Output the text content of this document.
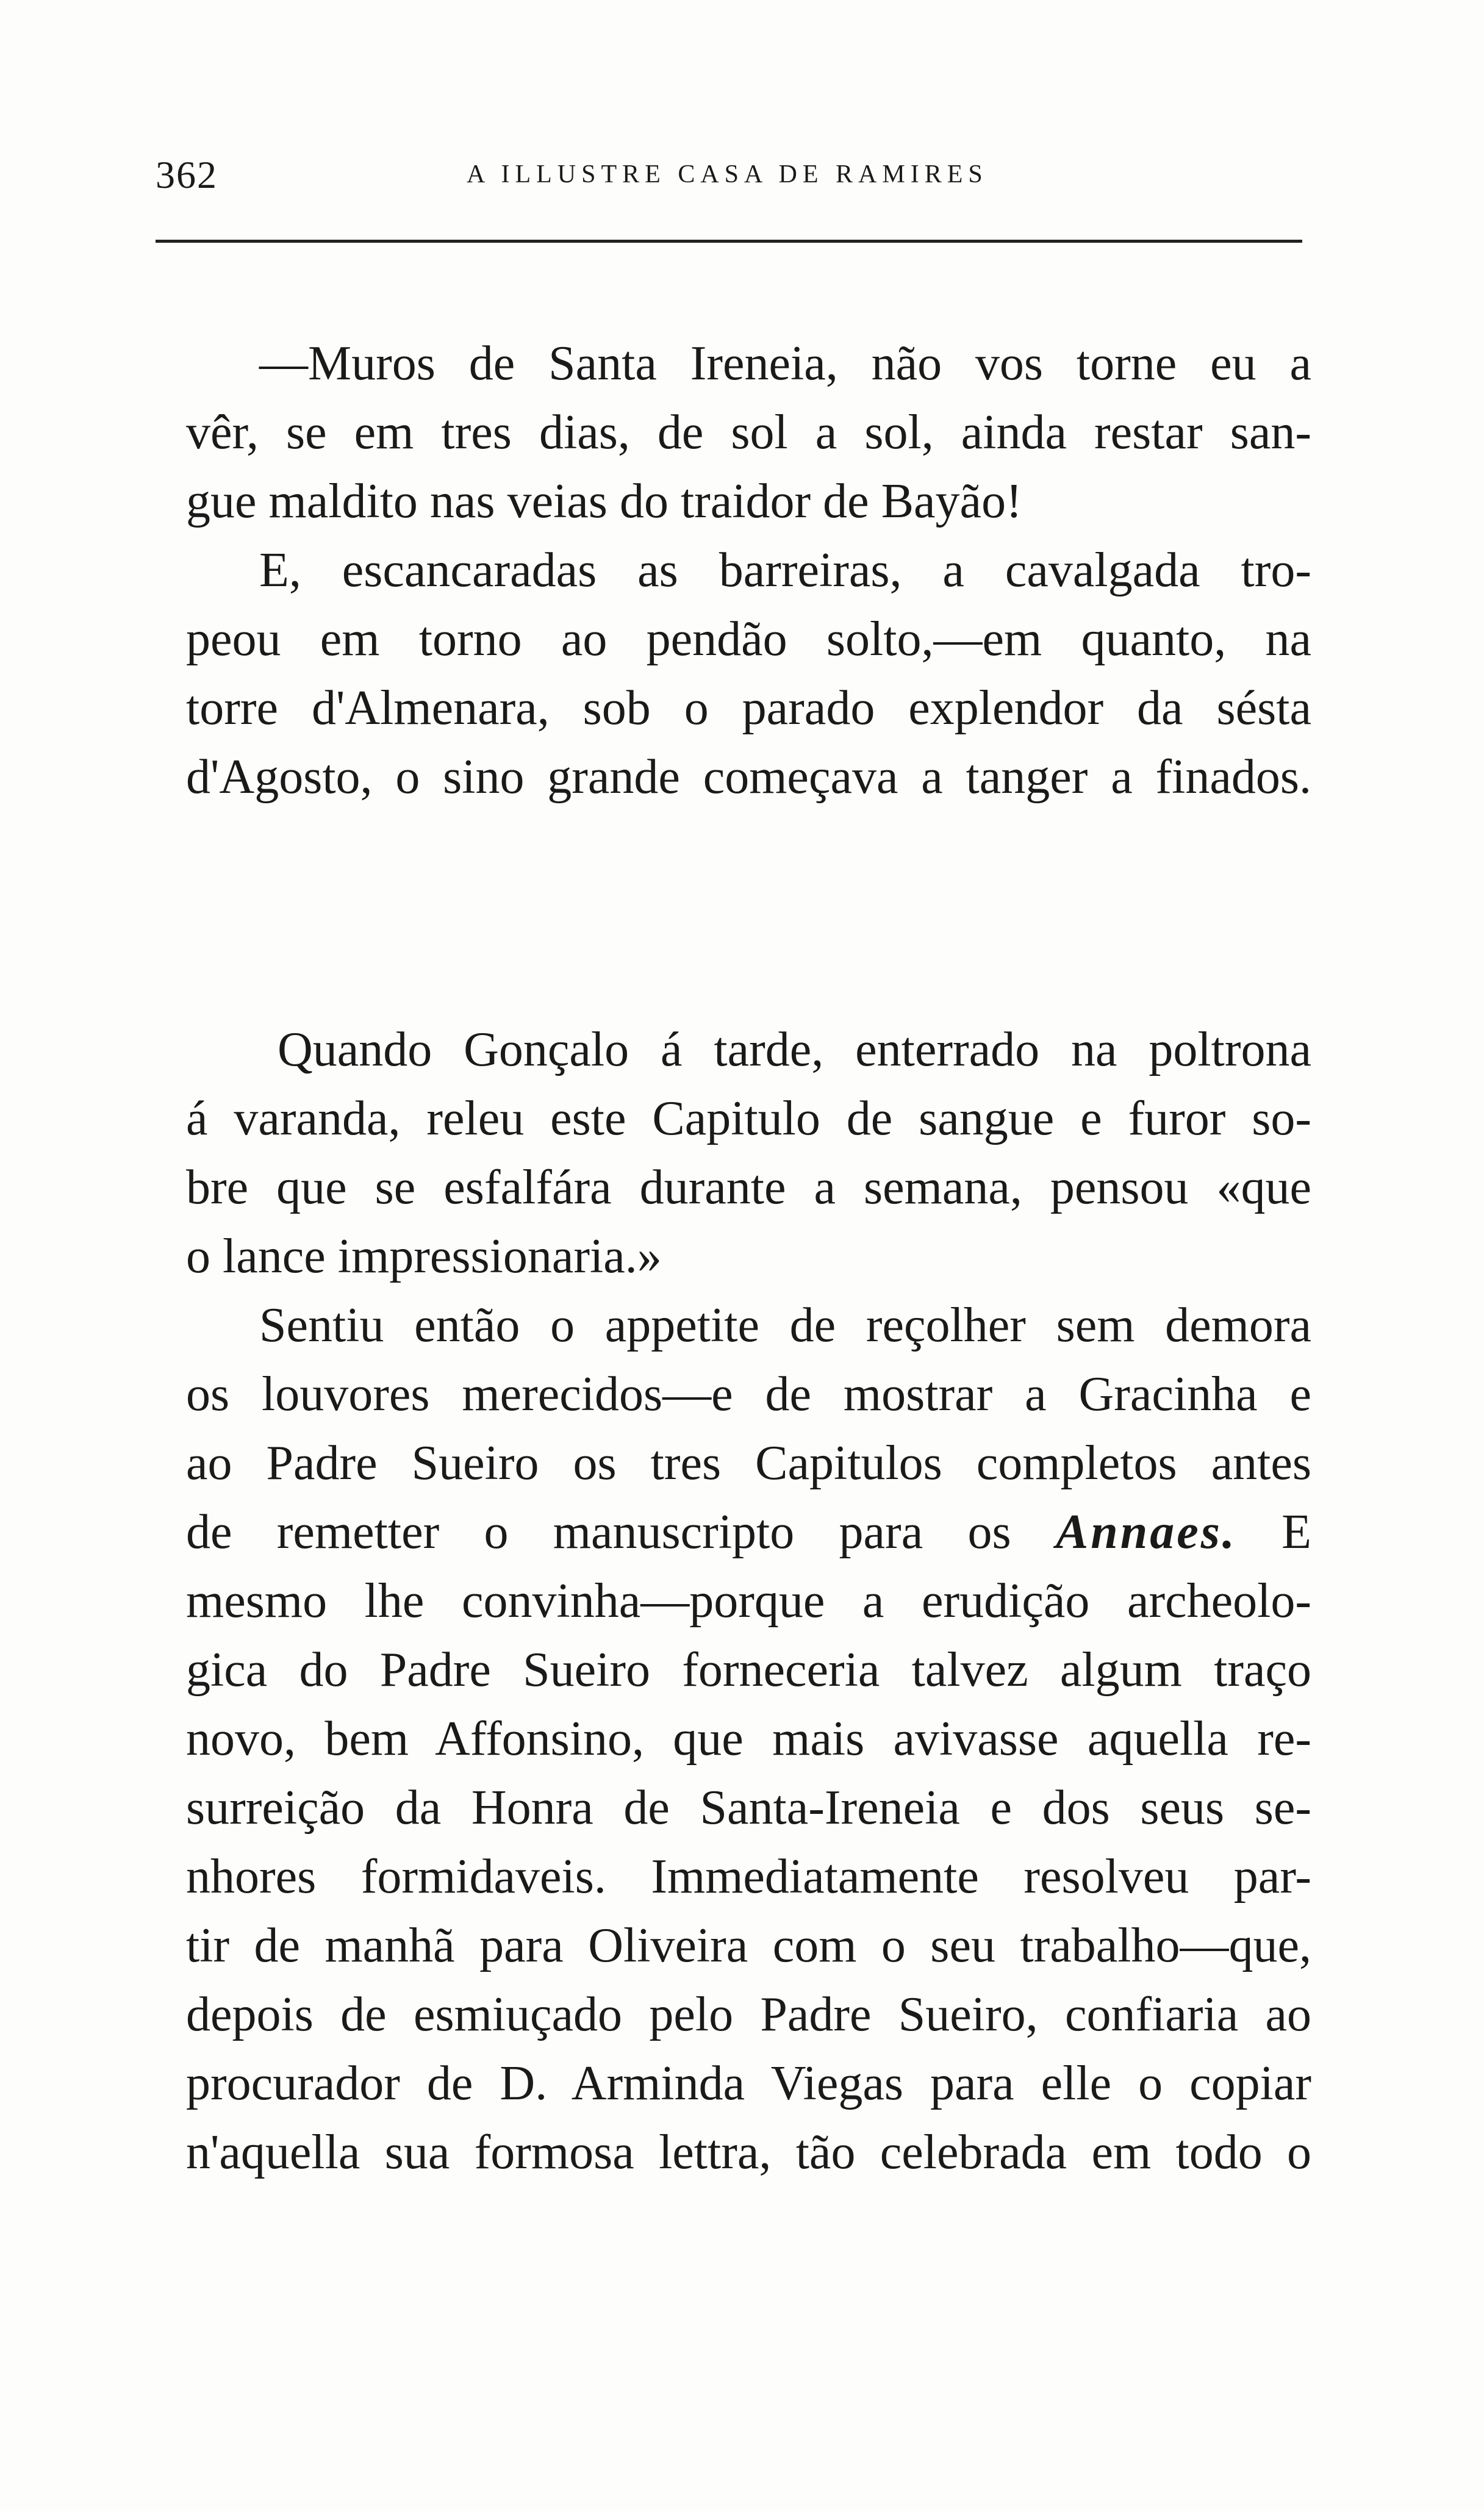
362	A ILLUSTRE CASA DE RAMIRES
—Muros de Santa Ireneia, não vos torne eu a
vêr, se em tres dias, de sol a sol, ainda restar san-
gue maldito nas veias do traidor de Bayão!
E, escancaradas as barreiras, a cavalgada tro-
peou em torno ao pendão solto,—em quanto, na
torre d'Almenara, sob o parado explendor da sésta
d'Agosto, o sino grande começava a tanger a finados.
Quando Gonçalo á tarde, enterrado na poltrona
á varanda, releu este Capitulo de sangue e furor so-
bre que se esfalfára durante a semana, pensou «que
o lance impressionaria.»
Sentiu então o appetite de reçolher sem demora
os louvores merecidos—e de mostrar a Gracinha e
ao Padre Sueiro os tres Capitulos completos antes
de remetter o manuscripto para os Annaes. E
mesmo lhe convinha—porque a erudição archeolo-
gica do Padre Sueiro forneceria talvez algum traço
novo, bem Affonsino, que mais avivasse aquella re-
surreição da Honra de Santa-Ireneia e dos seus se-
nhores formidaveis. Immediatamente resolveu par-
tir de manhã para Oliveira com o seu trabalho—que,
depois de esmiuçado pelo Padre Sueiro, confiaria ao
procurador de D. Arminda Viegas para elle o copiar
n'aquella sua formosa lettra, tão celebrada em todo o
